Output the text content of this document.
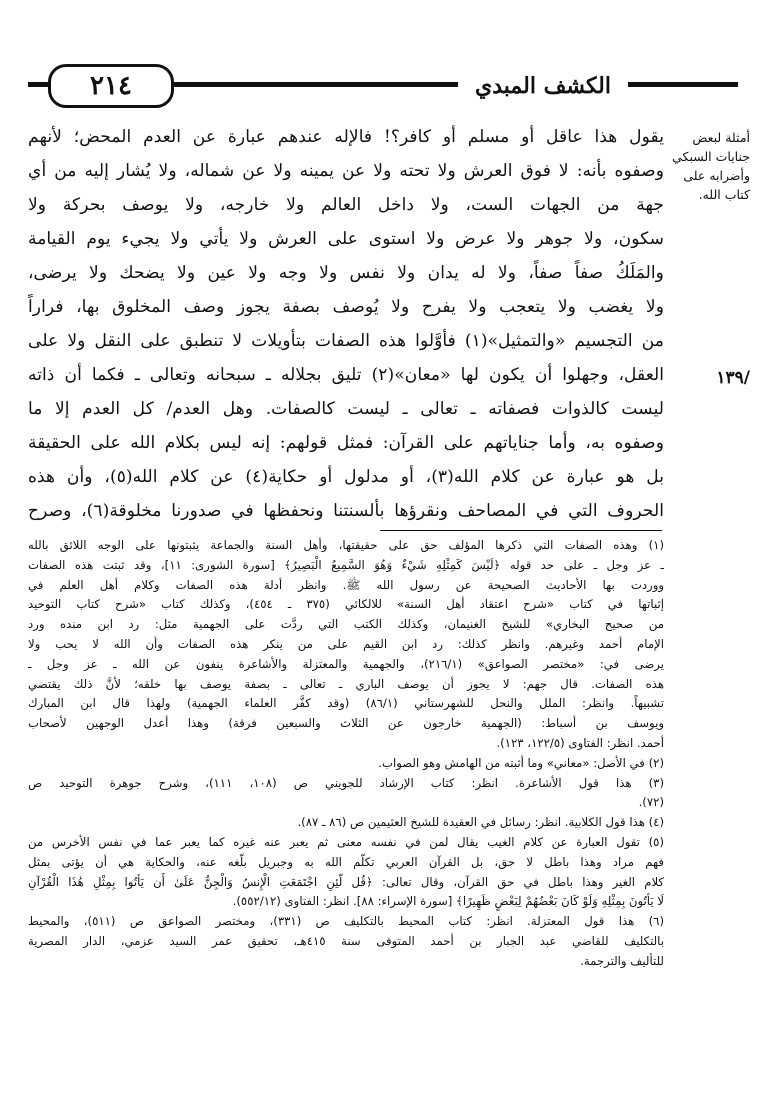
الكشف المبدي
٢١٤
أمثلة لبعض جنايات السبكي وأضرابه على كتاب الله.
/١٣٩
يقول هذا عاقل أو مسلم أو كافر؟! فالإله عندهم عبارة عن العدم المحض؛ لأنهم
وصفوه بأنه: لا فوق العرش ولا تحته ولا عن يمينه ولا عن شماله، ولا يُشار إليه من أي
جهة من الجهات الست، ولا داخل العالم ولا خارجه، ولا يوصف بحركة ولا
سكون، ولا جوهر ولا عرض ولا استوى على العرش ولا يأتي ولا يجيء يوم القيامة
والمَلَكُ صفاً صفاً، ولا له يدان ولا نفس ولا وجه ولا عين ولا يضحك ولا يرضى،
ولا يغضب ولا يتعجب ولا يفرح ولا يُوصف بصفة يجوز وصف المخلوق بها، فراراً
من التجسيم «والتمثيل»(١) فأوَّلوا هذه الصفات بتأويلات لا تنطبق على النقل ولا على
العقل، وجهلوا أن يكون لها «معان»(٢) تليق بجلاله ـ سبحانه وتعالى ـ فكما أن ذاته
ليست كالذوات فصفاته ـ تعالى ـ ليست كالصفات. وهل العدم/ كل العدم إلا ما
وصفوه به، وأما جناياتهم على القرآن: فمثل قولهم: إنه ليس بكلام الله على الحقيقة
بل هو عبارة عن كلام الله(٣)، أو مدلول أو حكاية(٤) عن كلام الله(٥)، وأن هذه
الحروف التي في المصاحف ونقرؤها بألسنتنا ونحفظها في صدورنا مخلوقة(٦)، وصرح
(١) وهذه الصفات التي ذكرها المؤلف حق على حقيقتها، وأهل السنة والجماعة يثبتونها على الوجه اللائق بالله
ـ عز وجل ـ على حد قوله ﴿لَيْسَ كَمِثْلِهِ شَيْءٌ وَهُوَ السَّمِيعُ الْبَصِيرُ﴾ [سورة الشورى: ١١]، وقد ثبتت هذه الصفات
ووردت بها الأحاديث الصحيحة عن رسول الله ﷺ. وانظر أدلة هذه الصفات وكلام أهل العلم في
إثباتها في كتاب «شرح اعتقاد أهل السنة» للالكائي (٣٧٥ ـ ٤٥٤)، وكذلك كتاب «شرح كتاب التوحيد
من صحيح البخاري» للشيخ الغنيمان، وكذلك الكتب التي ردَّت على الجهمية مثل: رد ابن منده ورد
الإمام أحمد وغيرهم. وانظر كذلك: رد ابن القيم على من ينكر هذه الصفات وأن الله لا يحب ولا
يرضى في: «مختصر الصواعق» (٢١٦/١)، والجهمية والمعتزلة والأشاعرة ينفون عن الله ـ عز وجل ـ
هذه الصفات. قال جهم: لا يجوز أن يوصف الباري ـ تعالى ـ بصفة يوصف بها خلقه؛ لأنَّ ذلك يقتضي
تشبيهاً. وانظر: الملل والنحل للشهرستاني (٨٦/١) (وقد كفَّر العلماء الجهمية) ولهذا قال ابن المبارك
ويوسف بن أسباط: (الجهمية خارجون عن الثلاث والسبعين فرقة) وهذا أعدل الوجهين لأصحاب
أحمد. انظر: الفتاوى (١٢٢/٥، ١٢٣).
(٢) في الأصل: «معاني» وما أثبته من الهامش وهو الصواب.
(٣) هذا قول الأشاعرة. انظر: كتاب الإرشاد للجويني ص (١٠٨، ١١١)، وشرح جوهرة التوحيد ص
(٧٢).
(٤) هذا قول الكلابية. انظر: رسائل في العقيدة للشيخ العثيمين ص (٨٦ ـ ٨٧).
(٥) تقول العبارة عن كلام الغيب يقال لمن في نفسه معنى ثم يعبر عنه غيره كما يعبر عما في نفس الأخرس من
فهم مراد وهذا باطل لا حق، بل القرآن العربي تكلَّم الله به وجبريل بلَّغه عنه، والحكاية هي أن يؤتى بمثل
كلام الغير وهذا باطل في حق القرآن، وقال تعالى: ﴿قُل لَّئِنِ اجْتَمَعَتِ الْإِنسُ وَالْجِنُّ عَلَىٰ أَن يَأْتُوا بِمِثْلِ هَٰذَا الْقُرْآنِ
لَا يَأْتُونَ بِمِثْلِهِ وَلَوْ كَانَ بَعْضُهُمْ لِبَعْضٍ ظَهِيرًا﴾ [سورة الإسراء: ٨٨]. انظر: الفتاوى (٥٥٢/١٢).
(٦) هذا قول المعتزلة. انظر: كتاب المحيط بالتكليف ص (٣٣١)، ومختصر الصواعق ص (٥١١)، والمحيط
بالتكليف للقاضي عبد الجبار بن أحمد المتوفى سنة ٤١٥هـ، تحقيق عمر السيد عزمي، الدار المصرية
للتأليف والترجمة.
